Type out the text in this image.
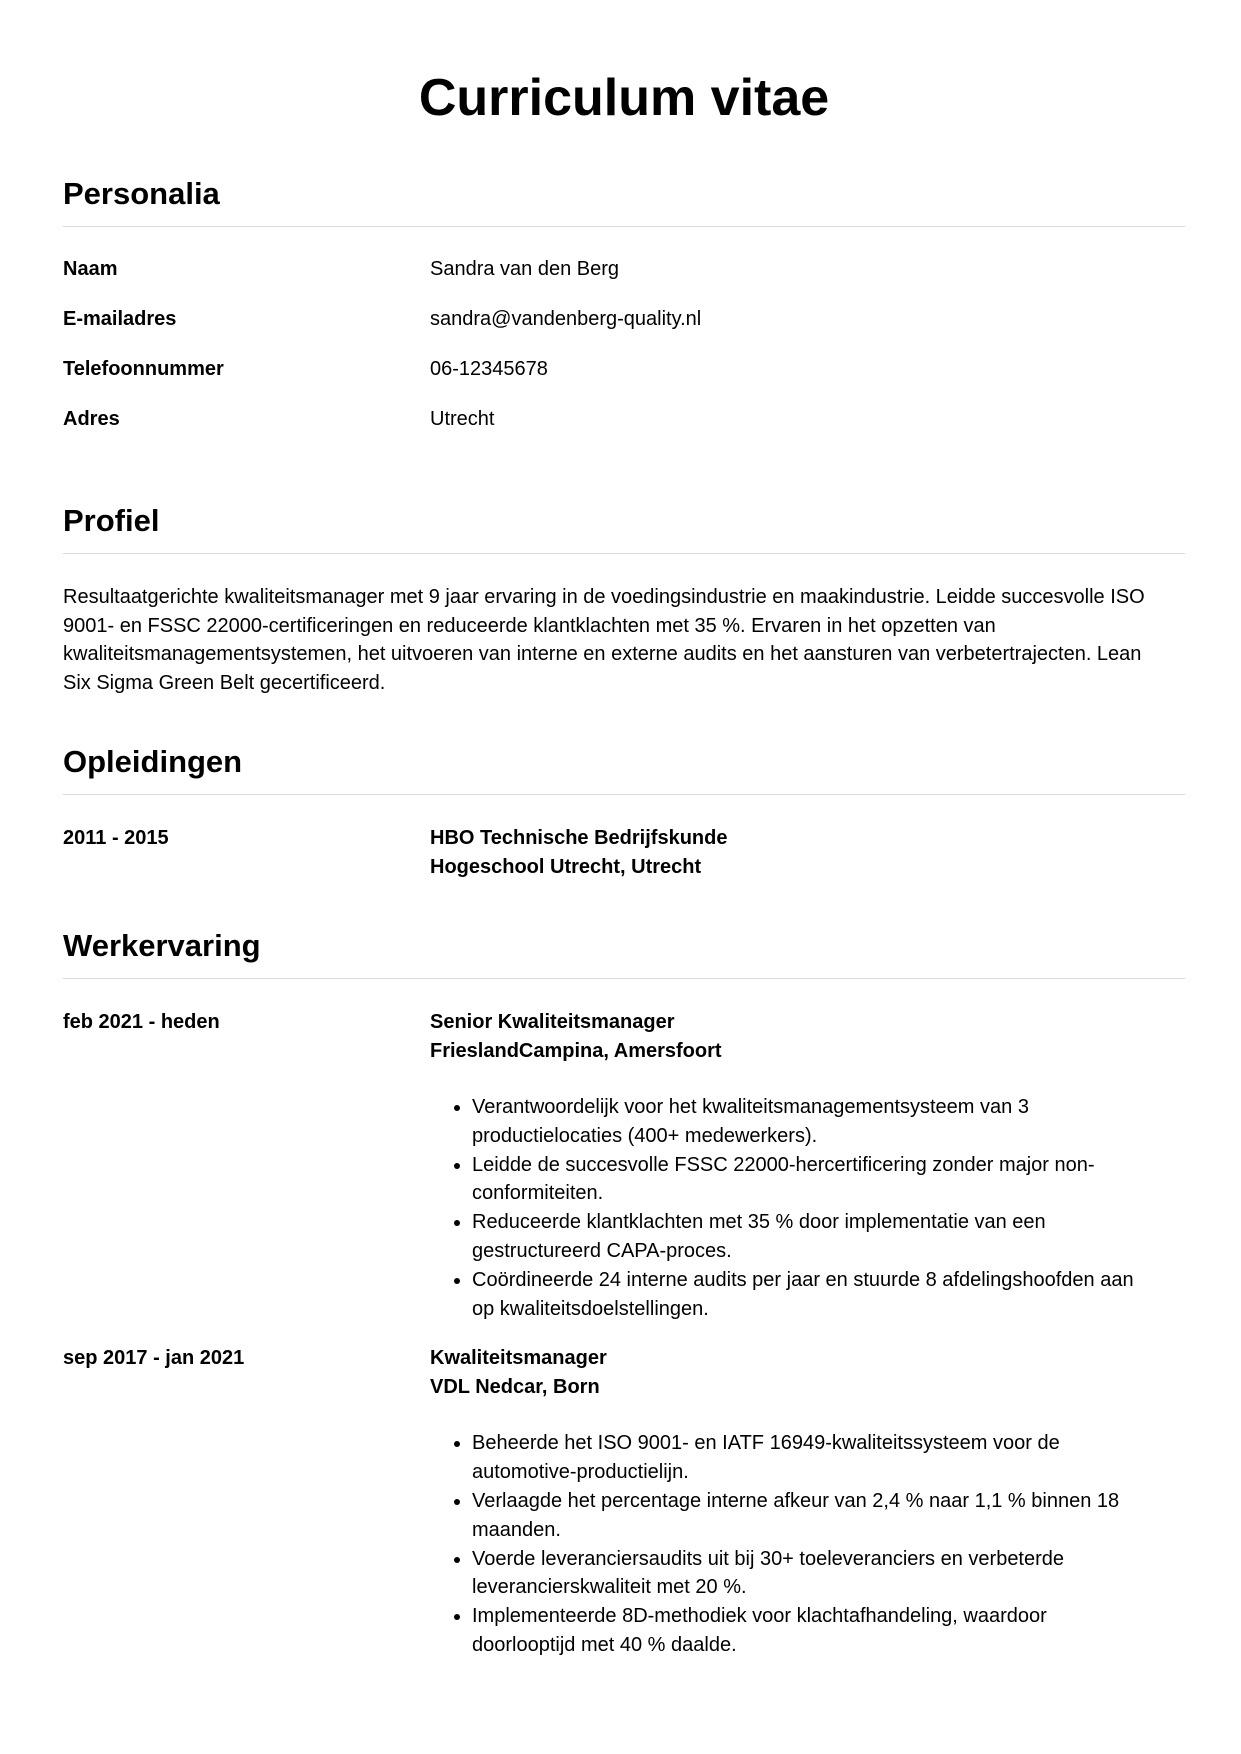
Curriculum vitae
Personalia
Naam	Sandra van den Berg
E-mailadres	sandra@vandenberg-quality.nl
Telefoonnummer	06-12345678
Adres	Utrecht
Profiel

Resultaatgerichte kwaliteitsmanager met 9 jaar ervaring in de voedingsindustrie en maakindustrie. Leidde succesvolle ISO 9001- en FSSC 22000-certificeringen en reduceerde klantklachten met 35 %. Ervaren in het opzetten van kwaliteitsmanagementsystemen, het uitvoeren van interne en externe audits en het aansturen van verbetertrajecten. Lean Six Sigma Green Belt gecertificeerd.

Opleidingen
2011 - 2015	HBO Technische Bedrijfskunde
Hogeschool Utrecht, Utrecht
Werkervaring
feb 2021 - heden	Senior Kwaliteitsmanager
FrieslandCampina, Amersfoort
• Verantwoordelijk voor het kwaliteitsmanagementsysteem van 3 productielocaties (400+ medewerkers).
• Leidde de succesvolle FSSC 22000-hercertificering zonder major non-conformiteiten.
• Reduceerde klantklachten met 35 % door implementatie van een gestructureerd CAPA-proces.
• Coördineerde 24 interne audits per jaar en stuurde 8 afdelingshoofden aan op kwaliteitsdoelstellingen.
sep 2017 - jan 2021	Kwaliteitsmanager
VDL Nedcar, Born
• Beheerde het ISO 9001- en IATF 16949-kwaliteitssysteem voor de automotive-productielijn.
• Verlaagde het percentage interne afkeur van 2,4 % naar 1,1 % binnen 18 maanden.
• Voerde leveranciersaudits uit bij 30+ toeleveranciers en verbeterde leverancierskwaliteit met 20 %.
• Implementeerde 8D-methodiek voor klachtafhandeling, waardoor doorlooptijd met 40 % daalde.
